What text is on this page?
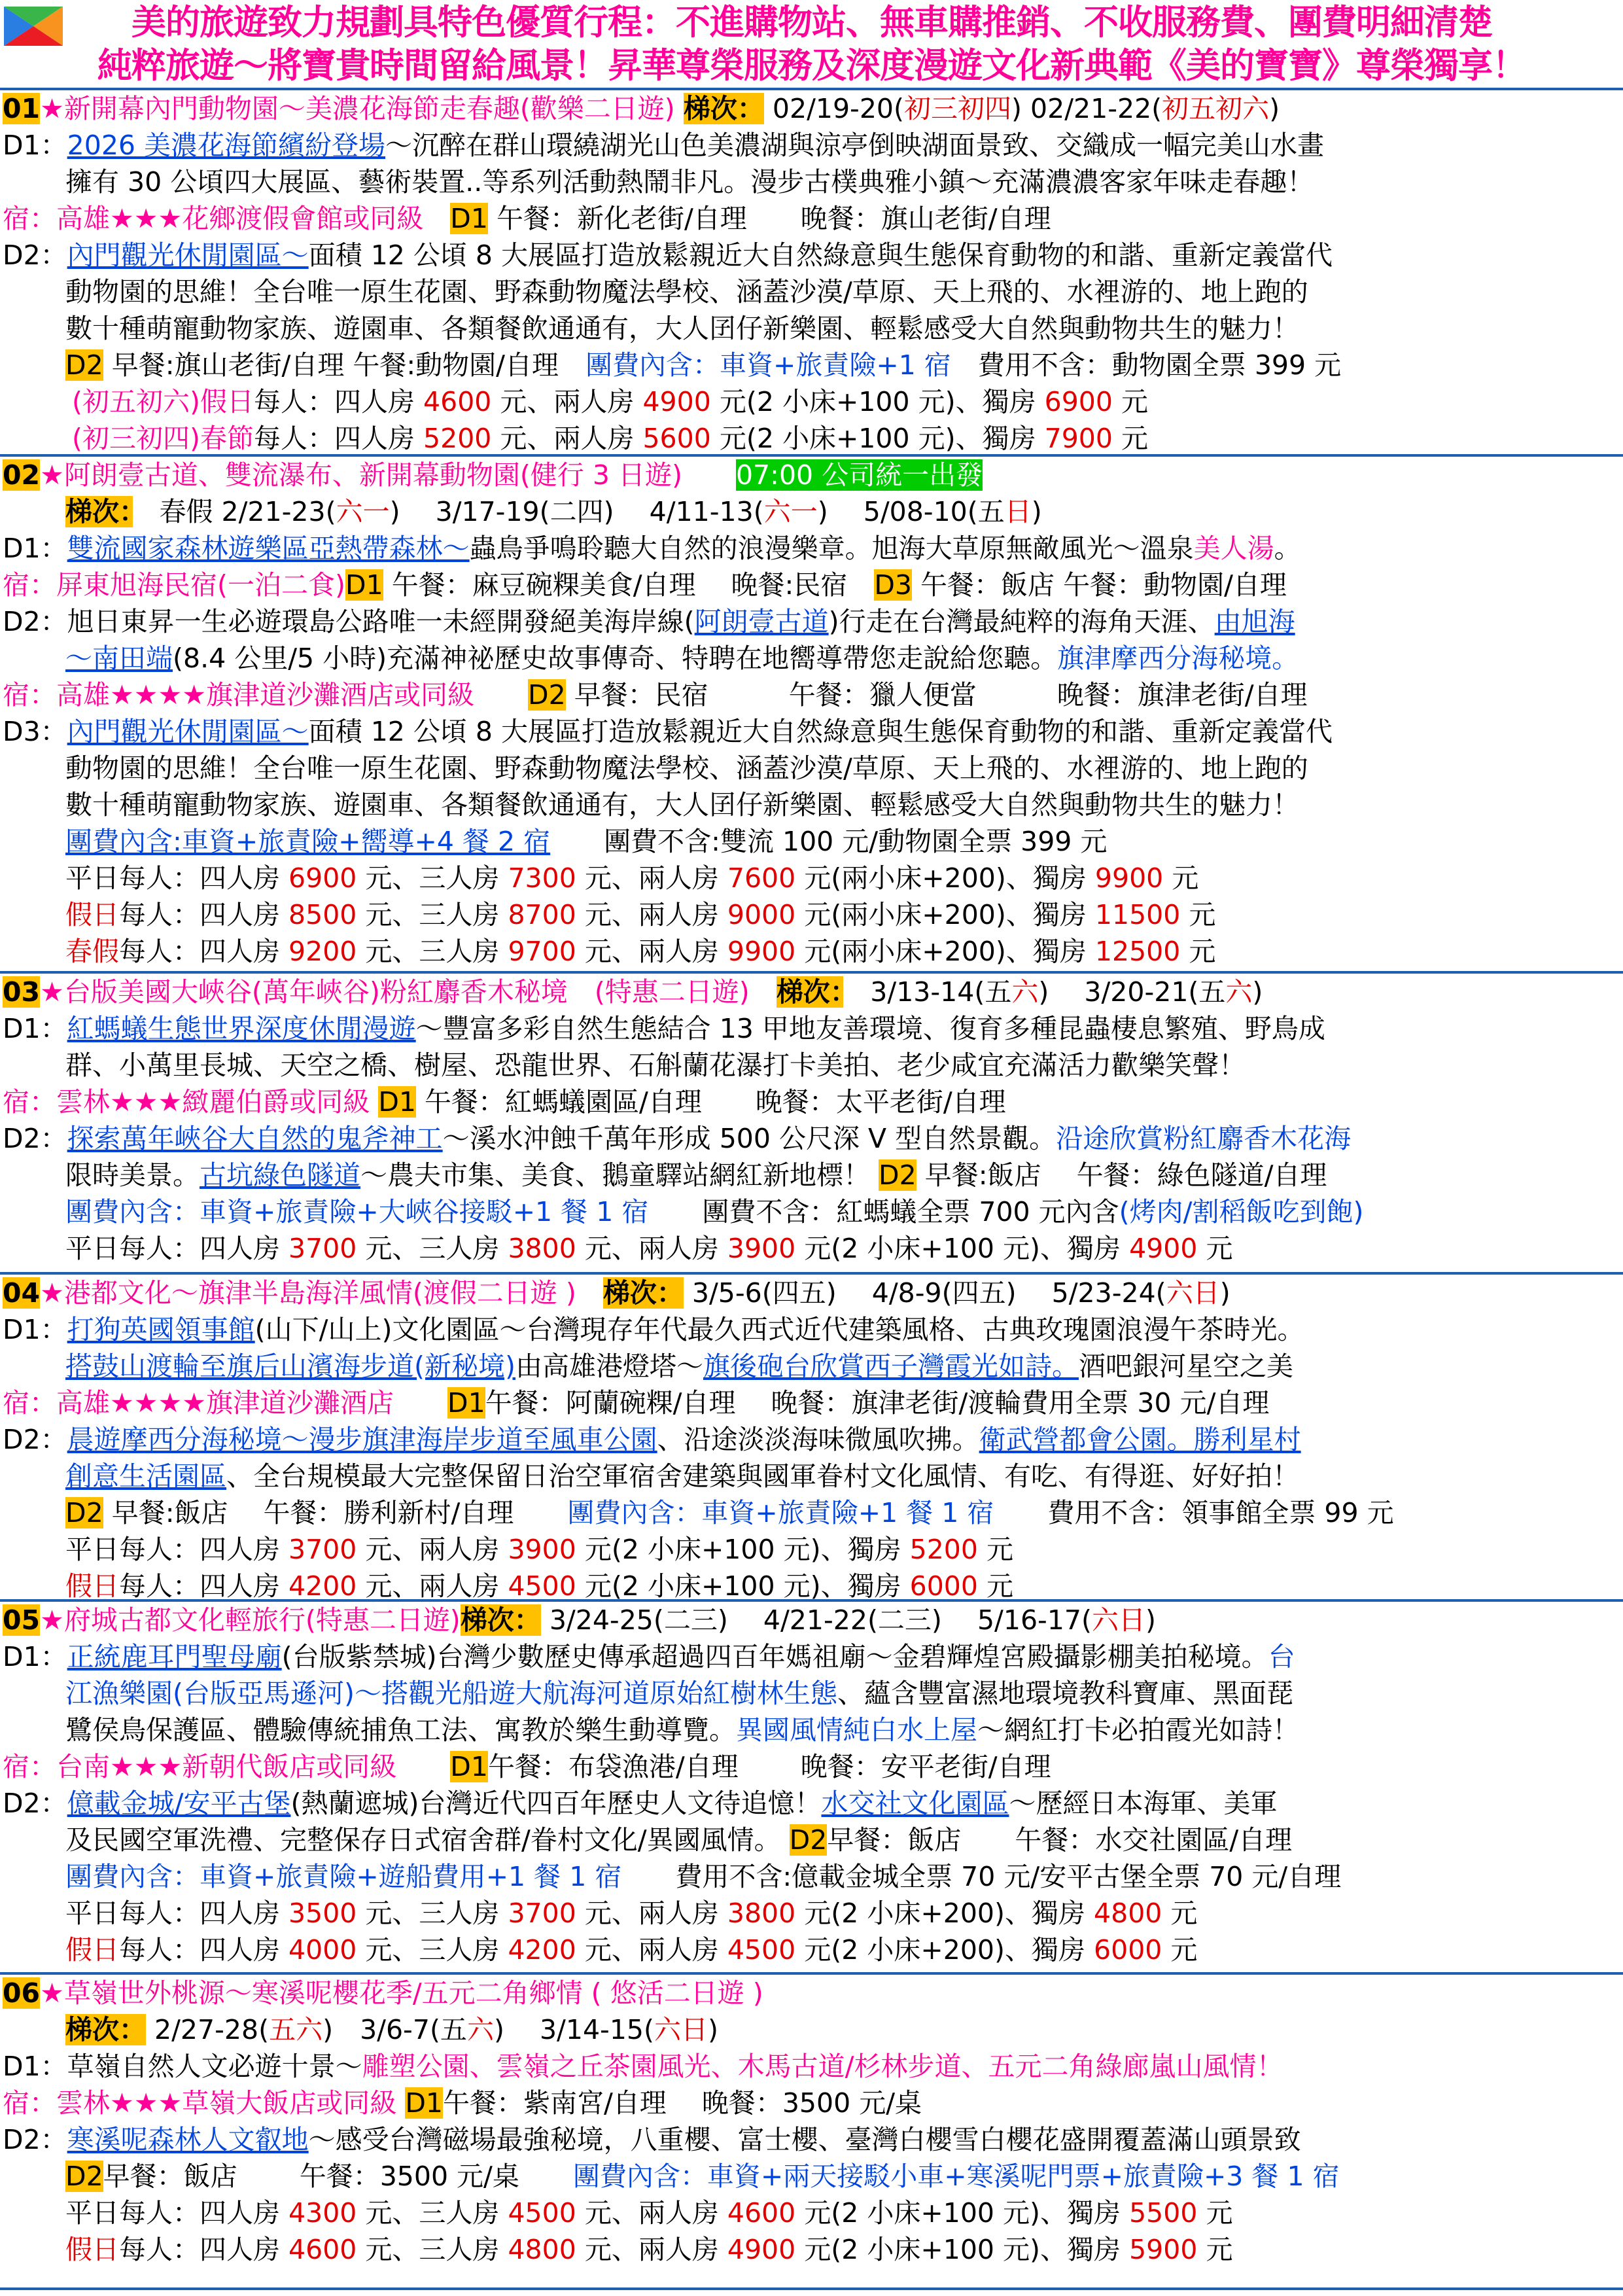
美的旅遊致力規劃具特色優質行程：不進購物站、無車購推銷、不收服務費、團費明細清楚
純粹旅遊～將寶貴時間留給風景！昇華尊榮服務及深度漫遊文化新典範《美的寶寶》尊榮獨享！
01★新開幕內門動物園～美濃花海節走春趣(歡樂二日遊) 梯次： 02/19-20(初三初四) 02/21-22(初五初六)
D1：2026 美濃花海節繽紛登場～沉醉在群山環繞湖光山色美濃湖與涼亭倒映湖面景致、交織成一幅完美山水畫
擁有 30 公頃四大展區、藝術裝置..等系列活動熱鬧非凡。漫步古樸典雅小鎮～充滿濃濃客家年味走春趣！
宿：高雄★★★花鄉渡假會館或同級　 D1 午餐：新化老街/自理　　晚餐：旗山老街/自理
D2：內門觀光休閒園區～面積 12 公頃 8 大展區打造放鬆親近大自然綠意與生態保育動物的和諧、重新定義當代
動物園的思維！全台唯一原生花園、野森動物魔法學校、涵蓋沙漠/草原、天上飛的、水裡游的、地上跑的
數十種萌寵動物家族、遊園車、各類餐飲通通有，大人囝仔新樂園、輕鬆感受大自然與動物共生的魅力！
D2 早餐:旗山老街/自理 午餐:動物園/自理　團費內含：車資+旅責險+1 宿　費用不含：動物園全票 399 元
(初五初六)假日每人：四人房 4600 元、兩人房 4900 元(2 小床+100 元)、獨房 6900 元
(初三初四)春節每人：四人房 5200 元、兩人房 5600 元(2 小床+100 元)、獨房 7900 元
02★阿朗壹古道、雙流瀑布、新開幕動物園(健行 3 日遊)　　 07:00 公司統一出發
梯次：　春假 2/21-23(六一)　 3/17-19(二四)　 4/11-13(六一)　 5/08-10(五日)
D1：雙流國家森林遊樂區亞熱帶森林～蟲鳥爭鳴聆聽大自然的浪漫樂章。旭海大草原無敵風光～溫泉美人湯。
宿：屏東旭海民宿(一泊二食)D1 午餐：麻豆碗粿美食/自理　 晚餐:民宿　D3 午餐：飯店 午餐：動物園/自理
D2：旭日東昇一生必遊環島公路唯一未經開發絕美海岸線(阿朗壹古道)行走在台灣最純粹的海角天涯、由旭海
～南田端(8.4 公里/5 小時)充滿神祕歷史故事傳奇、特聘在地嚮導帶您走說給您聽。旗津摩西分海秘境。
宿：高雄★★★★旗津道沙灘酒店或同級　　 D2 早餐：民宿　　　午餐：獵人便當　　　晚餐：旗津老街/自理
D3：內門觀光休閒園區～面積 12 公頃 8 大展區打造放鬆親近大自然綠意與生態保育動物的和諧、重新定義當代
動物園的思維！全台唯一原生花園、野森動物魔法學校、涵蓋沙漠/草原、天上飛的、水裡游的、地上跑的
數十種萌寵動物家族、遊園車、各類餐飲通通有，大人囝仔新樂園、輕鬆感受大自然與動物共生的魅力！
團費內含:車資+旅責險+嚮導+4 餐 2 宿　　團費不含:雙流 100 元/動物園全票 399 元
平日每人：四人房 6900 元、三人房 7300 元、兩人房 7600 元(兩小床+200)、獨房 9900 元
假日每人：四人房 8500 元、三人房 8700 元、兩人房 9000 元(兩小床+200)、獨房 11500 元
春假每人：四人房 9200 元、三人房 9700 元、兩人房 9900 元(兩小床+200)、獨房 12500 元
03★台版美國大峽谷(萬年峽谷)粉紅麝香木秘境　 (特惠二日遊)　 梯次：　3/13-14(五六)　 3/20-21(五六)
D1：紅螞蟻生態世界深度休閒漫遊～豐富多彩自然生態結合 13 甲地友善環境、復育多種昆蟲棲息繁殖、野鳥成
群、小萬里長城、天空之橋、樹屋、恐龍世界、石斛蘭花瀑打卡美拍、老少咸宜充滿活力歡樂笑聲！
宿：雲林★★★緻麗伯爵或同級 D1 午餐：紅螞蟻園區/自理　　晚餐：太平老街/自理
D2：探索萬年峽谷大自然的鬼斧神工～溪水沖蝕千萬年形成 500 公尺深 V 型自然景觀。沿途欣賞粉紅麝香木花海
限時美景。古坑綠色隧道～農夫市集、美食、鵝童驛站網紅新地標！ D2 早餐:飯店　 午餐：綠色隧道/自理
團費內含：車資+旅責險+大峽谷接駁+1 餐 1 宿　　團費不含：紅螞蟻全票 700 元內含(烤肉/割稻飯吃到飽)
平日每人：四人房 3700 元、三人房 3800 元、兩人房 3900 元(2 小床+100 元)、獨房 4900 元
04★港都文化～旗津半島海洋風情(渡假二日遊 )　 梯次： 3/5-6(四五)　 4/8-9(四五)　 5/23-24(六日)
D1：打狗英國領事館(山下/山上)文化園區～台灣現存年代最久西式近代建築風格、古典玫瑰園浪漫午茶時光。
搭鼓山渡輪至旗后山濱海步道(新秘境)由高雄港燈塔～旗後砲台欣賞西子灣霞光如詩。酒吧銀河星空之美
宿：高雄★★★★旗津道沙灘酒店　　 D1午餐：阿蘭碗粿/自理　 晚餐：旗津老街/渡輪費用全票 30 元/自理
D2：晨遊摩西分海秘境～漫步旗津海岸步道至風車公園、沿途淡淡海味微風吹拂。衛武營都會公園。勝利星村
創意生活園區、全台規模最大完整保留日治空軍宿舍建築與國軍眷村文化風情、有吃、有得逛、好好拍！
D2 早餐:飯店　 午餐：勝利新村/自理　　團費內含：車資+旅責險+1 餐 1 宿　　費用不含：領事館全票 99 元
平日每人：四人房 3700 元、兩人房 3900 元(2 小床+100 元)、獨房 5200 元
假日每人：四人房 4200 元、兩人房 4500 元(2 小床+100 元)、獨房 6000 元
05★府城古都文化輕旅行(特惠二日遊)梯次： 3/24-25(二三)　 4/21-22(二三)　 5/16-17(六日)
D1：正統鹿耳門聖母廟(台版紫禁城)台灣少數歷史傳承超過四百年媽祖廟～金碧輝煌宮殿攝影棚美拍秘境。台
江漁樂園(台版亞馬遜河)～搭觀光船遊大航海河道原始紅樹林生態、蘊含豐富濕地環境教科寶庫、黑面琵
鷺侯鳥保護區、體驗傳統捕魚工法、寓教於樂生動導覽。異國風情純白水上屋～網紅打卡必拍霞光如詩！
宿：台南★★★新朝代飯店或同級　　 D1午餐：布袋漁港/自理　　 晚餐：安平老街/自理
D2：億載金城/安平古堡(熱蘭遮城)台灣近代四百年歷史人文待追憶！水交社文化園區～歷經日本海軍、美軍
及民國空軍洗禮、完整保存日式宿舍群/眷村文化/異國風情。 D2早餐：飯店　　午餐：水交社園區/自理
團費內含：車資+旅責險+遊船費用+1 餐 1 宿　　費用不含:億載金城全票 70 元/安平古堡全票 70 元/自理
平日每人：四人房 3500 元、三人房 3700 元、兩人房 3800 元(2 小床+200)、獨房 4800 元
假日每人：四人房 4000 元、三人房 4200 元、兩人房 4500 元(2 小床+200)、獨房 6000 元
06★草嶺世外桃源～寒溪呢櫻花季/五元二角鄉情 ( 悠活二日遊 )
梯次： 2/27-28(五六)　3/6-7(五六)　 3/14-15(六日)
D1：草嶺自然人文必遊十景～雕塑公園、雲嶺之丘茶園風光、木馬古道/杉林步道、五元二角綠廊嵐山風情！
宿：雲林★★★草嶺大飯店或同級 D1午餐：紫南宮/自理　 晚餐：3500 元/桌
D2：寒溪呢森林人文叡地～感受台灣磁場最強秘境，八重櫻、富士櫻、臺灣白櫻雪白櫻花盛開覆蓋滿山頭景致
D2早餐：飯店　　 午餐：3500 元/桌　　團費內含：車資+兩天接駁小車+寒溪呢門票+旅責險+3 餐 1 宿
平日每人：四人房 4300 元、三人房 4500 元、兩人房 4600 元(2 小床+100 元)、獨房 5500 元
假日每人：四人房 4600 元、三人房 4800 元、兩人房 4900 元(2 小床+100 元)、獨房 5900 元
